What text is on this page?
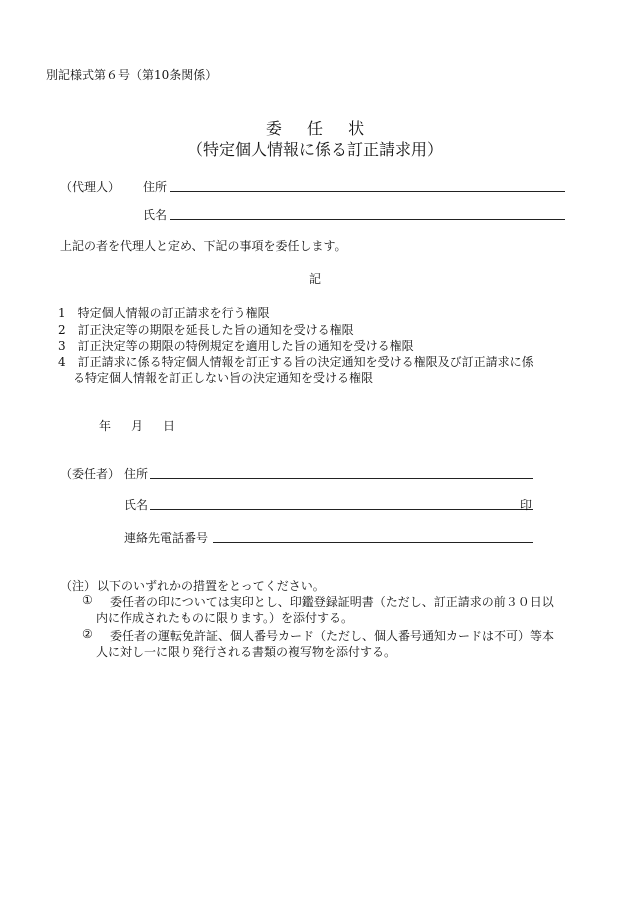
別記様式第６号（第10条関係）
委 任 状
（特定個人情報に係る訂正請求用）
（代理人） 住所
氏名
上記の者を代理人と定め、下記の事項を委任します。
記
1　特定個人情報の訂正請求を行う権限
2　訂正決定等の期限を延長した旨の通知を受ける権限
3　訂正決定等の期限の特例規定を適用した旨の通知を受ける権限
4　訂正請求に係る特定個人情報を訂正する旨の決定通知を受ける権限及び訂正請求に係
る特定個人情報を訂正しない旨の決定通知を受ける権限
年 月 日
（委任者） 住所
氏名	印
連絡先電話番号
（注） 以下のいずれかの措置をとってください。
① 委任者の印については実印とし、印鑑登録証明書（ただし、訂正請求の前３０日以
内に作成されたものに限ります。）を添付する。
② 委任者の運転免許証、個人番号カード（ただし、個人番号通知カードは不可）等本
人に対し一に限り発行される書類の複写物を添付する。
